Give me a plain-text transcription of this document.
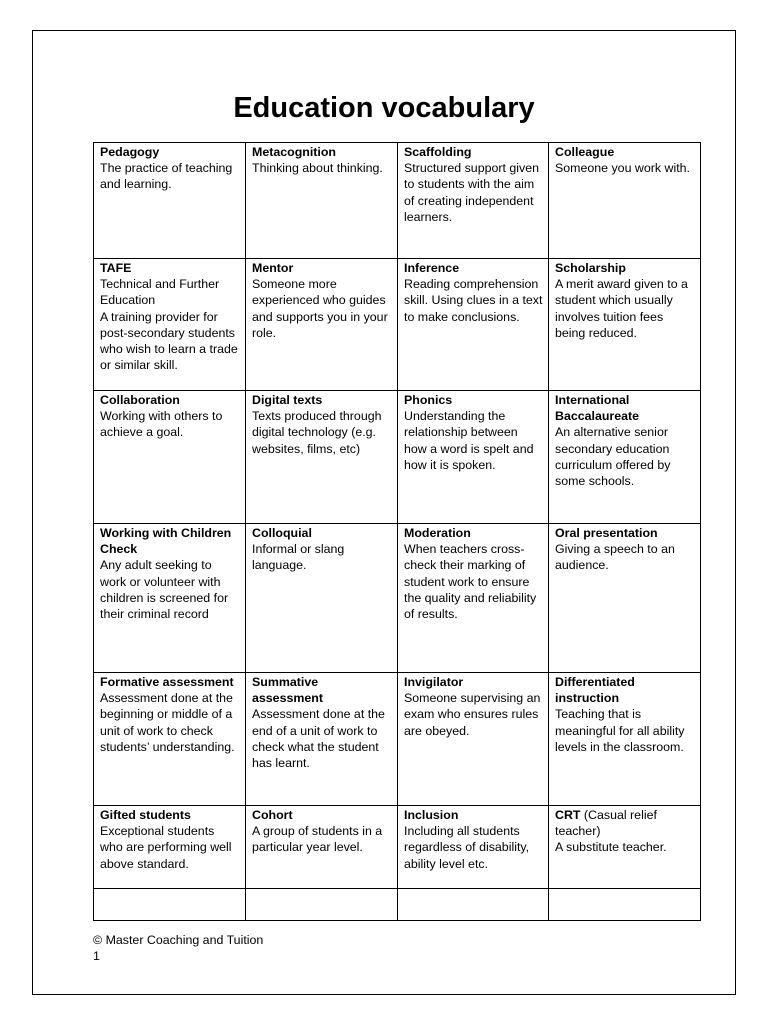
Education vocabulary
Pedagogy
The practice of teaching and learning.	Metacognition
Thinking about thinking.	Scaffolding
Structured support given to students with the aim of creating independent learners.	Colleague
Someone you work with.

TAFE
Technical and Further Education
A training provider for post-secondary students who wish to learn a trade or similar skill.	Mentor
Someone more experienced who guides and supports you in your role.	Inference
Reading comprehension skill. Using clues in a text to make conclusions.	Scholarship
A merit award given to a student which usually involves tuition fees being reduced.

Collaboration
Working with others to achieve a goal.	Digital texts
Texts produced through digital technology (e.g. websites, films, etc)	Phonics
Understanding the relationship between how a word is spelt and how it is spoken.	International Baccalaureate
An alternative senior secondary education curriculum offered by some schools.

Working with Children Check
Any adult seeking to work or volunteer with children is screened for their criminal record	Colloquial
Informal or slang language.	Moderation
When teachers cross-check their marking of student work to ensure the quality and reliability of results.	Oral presentation
Giving a speech to an audience.

Formative assessment
Assessment done at the beginning or middle of a unit of work to check students’ understanding.	Summative assessment
Assessment done at the end of a unit of work to check what the student has learnt.	Invigilator
Someone supervising an exam who ensures rules are obeyed.	Differentiated instruction
Teaching that is meaningful for all ability levels in the classroom.

Gifted students
Exceptional students who are performing well above standard.	Cohort
A group of students in a particular year level.	Inclusion
Including all students regardless of disability, ability level etc.	CRT (Casual relief teacher)
A substitute teacher.

© Master Coaching and Tuition
1
